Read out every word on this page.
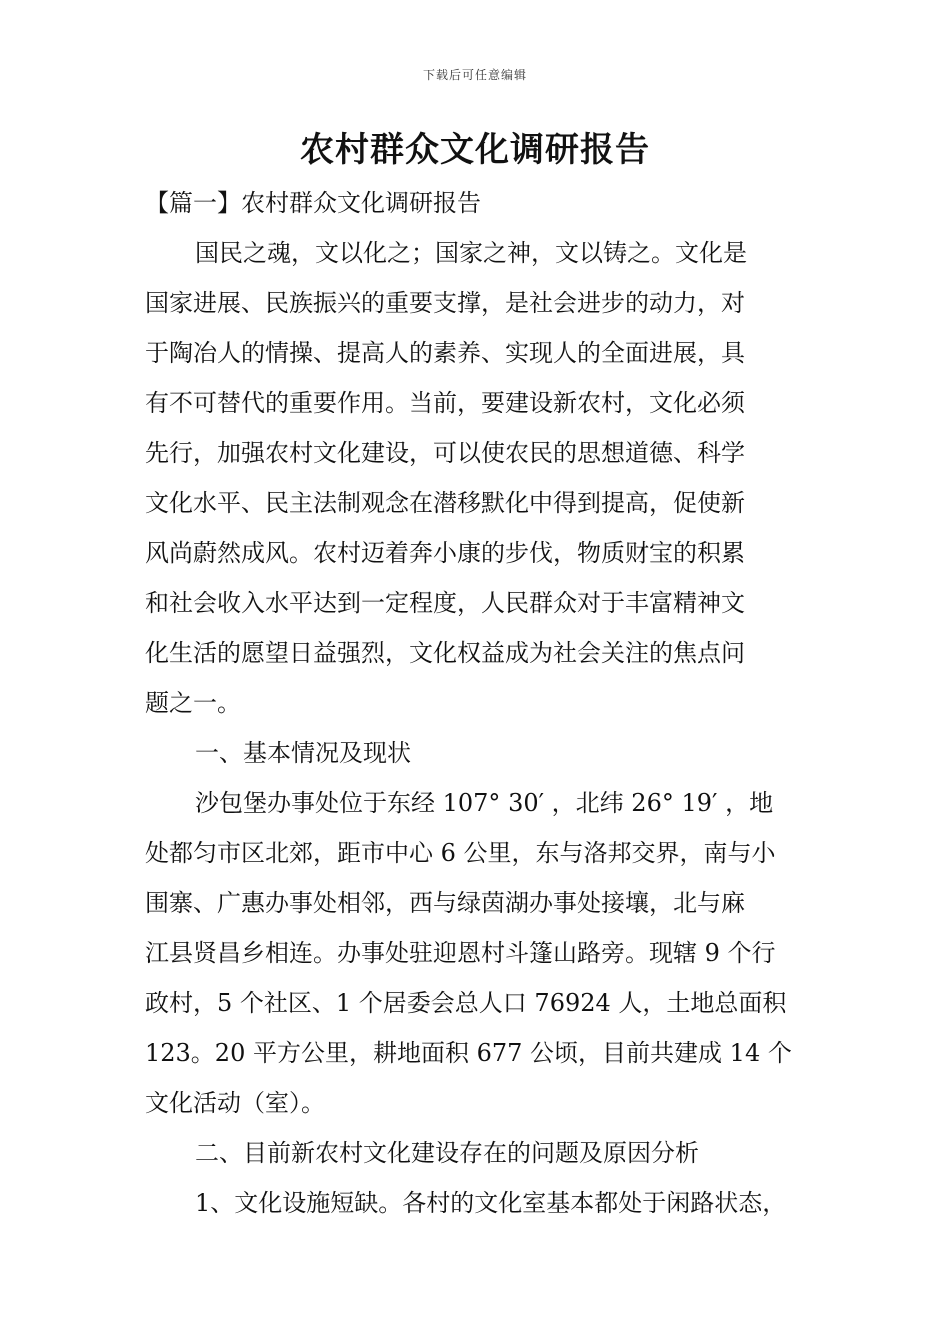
下载后可任意编辑
农村群众文化调研报告
【篇一】农村群众文化调研报告
国民之魂，文以化之；国家之神，文以铸之。文化是
国家进展、民族振兴的重要支撑，是社会进步的动力，对
于陶冶人的情操、提高人的素养、实现人的全面进展，具
有不可替代的重要作用。当前，要建设新农村，文化必须
先行，加强农村文化建设，可以使农民的思想道德、科学
文化水平、民主法制观念在潜移默化中得到提高，促使新
风尚蔚然成风。农村迈着奔小康的步伐，物质财宝的积累
和社会收入水平达到一定程度，人民群众对于丰富精神文
化生活的愿望日益强烈，文化权益成为社会关注的焦点问
题之一。
一、基本情况及现状
沙包堡办事处位于东经 107° 30′ ，北纬 26° 19′ ，地
处都匀市区北郊，距市中心 6 公里，东与洛邦交界，南与小
围寨、广惠办事处相邻，西与绿茵湖办事处接壤，北与麻
江县贤昌乡相连。办事处驻迎恩村斗篷山路旁。现辖 9 个行
政村，5 个社区、1 个居委会总人口 76924 人，土地总面积
123。20 平方公里，耕地面积 677 公顷，目前共建成 14 个
文化活动（室）。
二、目前新农村文化建设存在的问题及原因分析
1、文化设施短缺。各村的文化室基本都处于闲路状态，
